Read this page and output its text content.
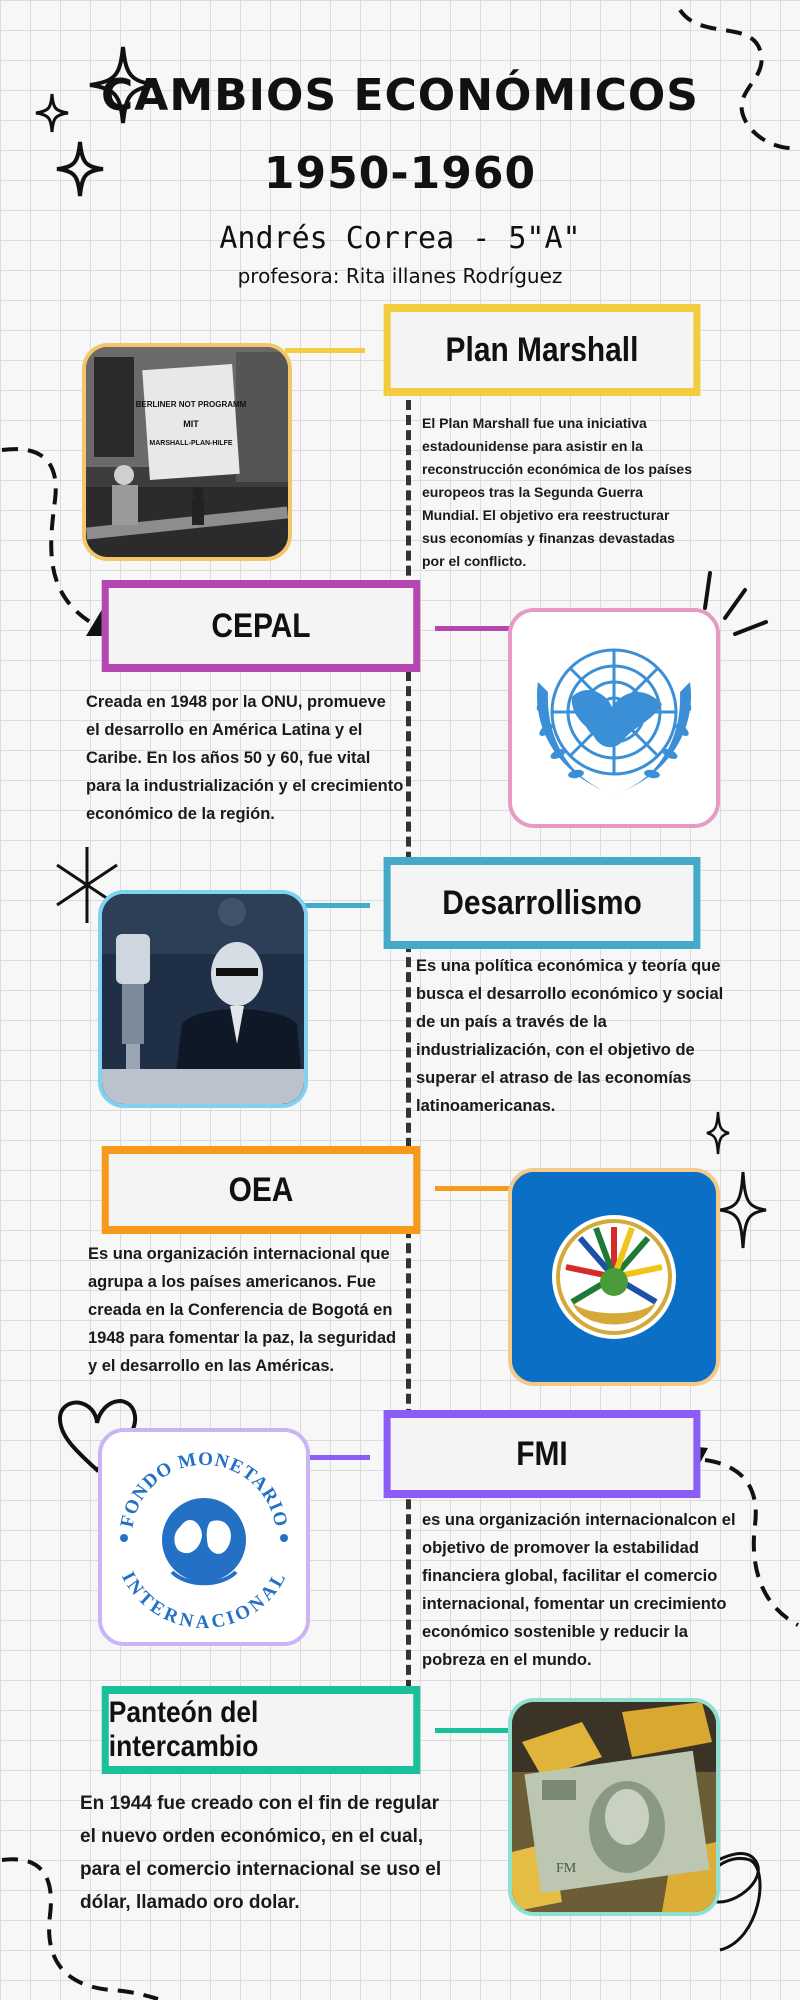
CAMBIOS ECONÓMICOS
1950-1960
Andrés Correa - 5"A"
profesora: Rita illanes Rodríguez
BERLINER NOT PROGRAMM
MIT
MARSHALL-PLAN-HILFE
Plan Marshall
El Plan Marshall fue una iniciativa estadounidense para asistir en la reconstrucción económica de los países europeos tras la Segunda Guerra Mundial. El objetivo era reestructurar sus economías y finanzas devastadas por el conflicto.
CEPAL
Creada en 1948 por la ONU, promueve el desarrollo en América Latina y el Caribe. En los años 50 y 60, fue vital para la industrialización y el crecimiento económico de la región.
Desarrollismo
Es una política económica y teoría que busca el desarrollo económico y social de un país a través de la industrialización, con el objetivo de superar el atraso de las economías latinoamericanas.
OEA
Es una organización internacional que agrupa a los países americanos. Fue creada en la Conferencia de Bogotá en 1948 para fomentar la paz, la seguridad y el desarrollo en las Américas.
FONDO MONETARIO
INTERNACIONAL
FMI
es una organización internacionalcon el objetivo de promover la estabilidad financiera global, facilitar el comercio internacional, fomentar un crecimiento económico sostenible y reducir la pobreza en el mundo.
Panteón del intercambio
FM
En 1944 fue creado con el fin de regular el nuevo orden económico, en el cual, para el comercio internacional se uso el dólar, llamado oro dolar.
